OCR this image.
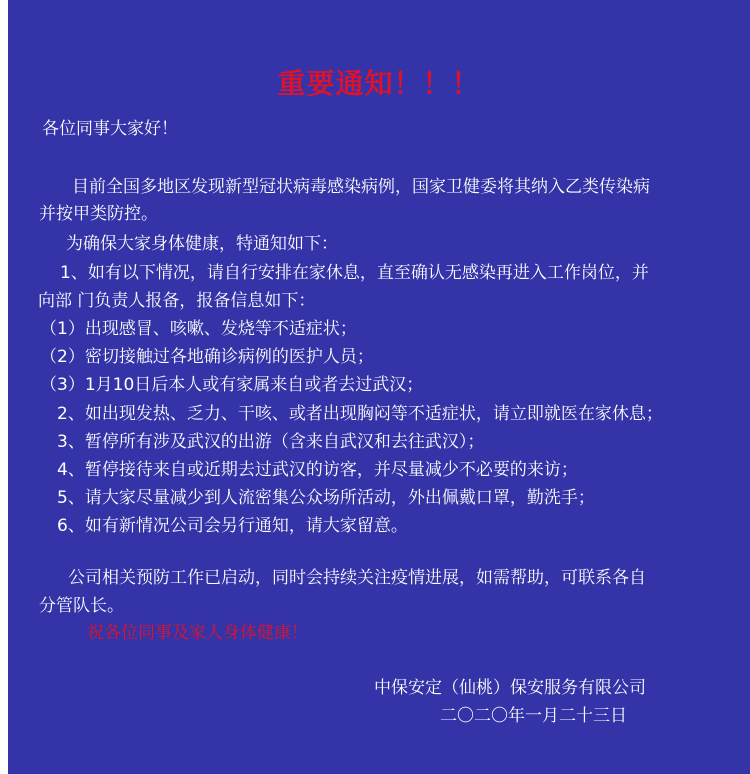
重要通知！！！

各位同事大家好！

目前全国多地区发现新型冠状病毒感染病例，国家卫健委将其纳入乙类传染病

并按甲类防控。

为确保大家身体健康，特通知如下：

1、如有以下情况，请自行安排在家休息，直至确认无感染再进入工作岗位，并

向部 门负责人报备，报备信息如下：

（1）出现感冒、咳嗽、发烧等不适症状；

（2）密切接触过各地确诊病例的医护人员；

（3）1月10日后本人或有家属来自或者去过武汉；

2、如出现发热、乏力、干咳、或者出现胸闷等不适症状，请立即就医在家休息；

3、暂停所有涉及武汉的出游（含来自武汉和去往武汉）；

4、暂停接待来自或近期去过武汉的访客，并尽量减少不必要的来访；

5、请大家尽量减少到人流密集公众场所活动，外出佩戴口罩，勤洗手；

6、如有新情况公司会另行通知，请大家留意。

公司相关预防工作已启动，同时会持续关注疫情进展，如需帮助，可联系各自

分管队长。

祝各位同事及家人身体健康！

中保安定（仙桃）保安服务有限公司

二〇二〇年一月二十三日
